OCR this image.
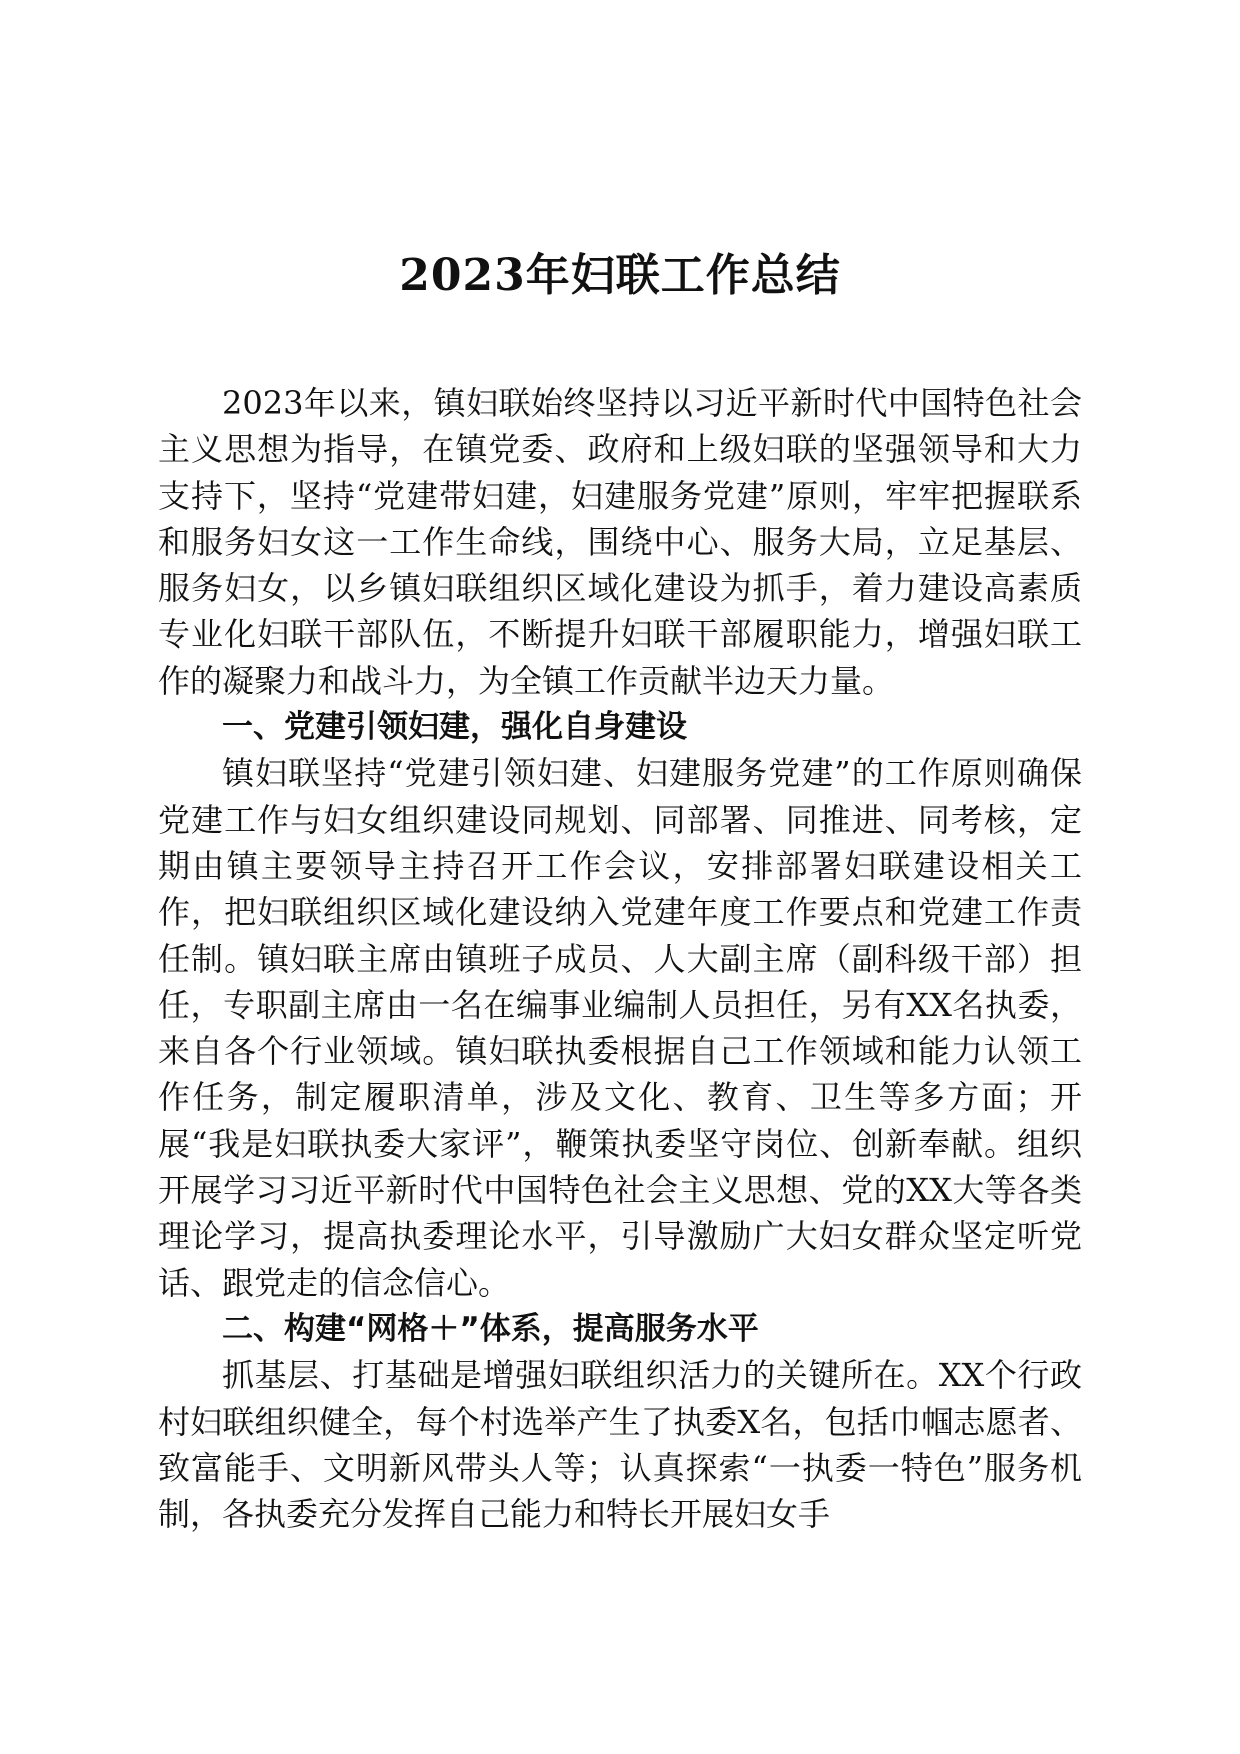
2023年妇联工作总结

2023年以来，镇妇联始终坚持以习近平新时代中国特色社会主义思想为指导，在镇党委、政府和上级妇联的坚强领导和大力支持下，坚持“党建带妇建，妇建服务党建”原则，牢牢把握联系和服务妇女这一工作生命线，围绕中心、服务大局，立足基层、服务妇女，以乡镇妇联组织区域化建设为抓手，着力建设高素质专业化妇联干部队伍，不断提升妇联干部履职能力，增强妇联工作的凝聚力和战斗力，为全镇工作贡献半边天力量。

一、党建引领妇建，强化自身建设

镇妇联坚持“党建引领妇建、妇建服务党建”的工作原则确保党建工作与妇女组织建设同规划、同部署、同推进、同考核，定期由镇主要领导主持召开工作会议，安排部署妇联建设相关工作，把妇联组织区域化建设纳入党建年度工作要点和党建工作责任制。镇妇联主席由镇班子成员、人大副主席（副科级干部）担任，专职副主席由一名在编事业编制人员担任，另有XX名执委，来自各个行业领域。镇妇联执委根据自己工作领域和能力认领工作任务，制定履职清单，涉及文化、教育、卫生等多方面；开展“我是妇联执委大家评”，鞭策执委坚守岗位、创新奉献。组织开展学习习近平新时代中国特色社会主义思想、党的XX大等各类理论学习，提高执委理论水平，引导激励广大妇女群众坚定听党话、跟党走的信念信心。

二、构建“网格＋”体系，提高服务水平

抓基层、打基础是增强妇联组织活力的关键所在。XX个行政村妇联组织健全，每个村选举产生了执委X名，包括巾帼志愿者、致富能手、文明新风带头人等；认真探索“一执委一特色”服务机制，各执委充分发挥自己能力和特长开展妇女手
